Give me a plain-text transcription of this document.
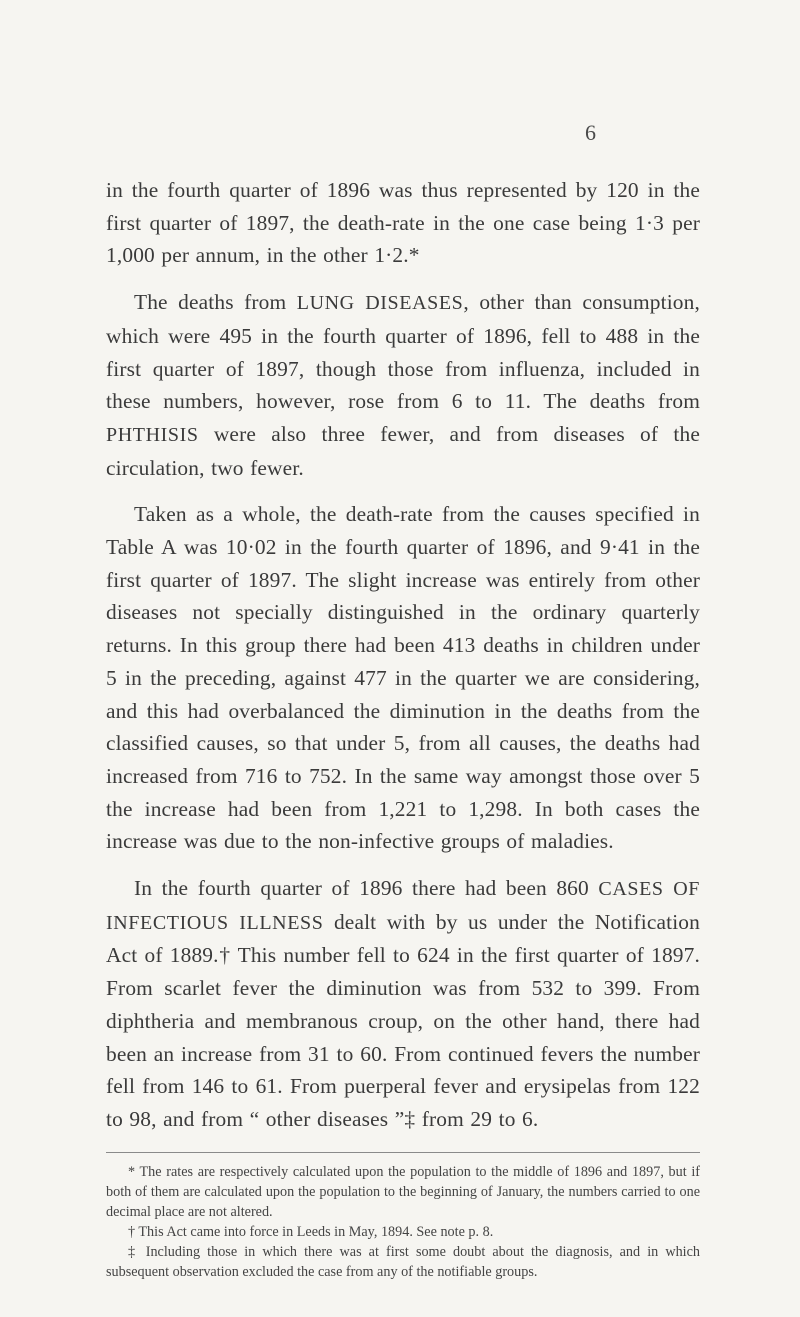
6

in the fourth quarter of 1896 was thus represented by 120 in the first quarter of 1897, the death-rate in the one case being 1·3 per 1,000 per annum, in the other 1·2.*

The deaths from LUNG DISEASES, other than consumption, which were 495 in the fourth quarter of 1896, fell to 488 in the first quarter of 1897, though those from influenza, included in these numbers, however, rose from 6 to 11. The deaths from PHTHISIS were also three fewer, and from diseases of the circulation, two fewer.

Taken as a whole, the death-rate from the causes specified in Table A was 10·02 in the fourth quarter of 1896, and 9·41 in the first quarter of 1897. The slight increase was entirely from other diseases not specially distinguished in the ordinary quarterly returns. In this group there had been 413 deaths in children under 5 in the preceding, against 477 in the quarter we are considering, and this had overbalanced the diminution in the deaths from the classified causes, so that under 5, from all causes, the deaths had increased from 716 to 752. In the same way amongst those over 5 the increase had been from 1,221 to 1,298. In both cases the increase was due to the non-infective groups of maladies.

In the fourth quarter of 1896 there had been 860 CASES OF INFECTIOUS ILLNESS dealt with by us under the Notification Act of 1889.† This number fell to 624 in the first quarter of 1897. From scarlet fever the diminution was from 532 to 399. From diphtheria and membranous croup, on the other hand, there had been an increase from 31 to 60. From continued fevers the number fell from 146 to 61. From puerperal fever and erysipelas from 122 to 98, and from “ other diseases ”‡ from 29 to 6.

* The rates are respectively calculated upon the population to the middle of 1896 and 1897, but if both of them are calculated upon the population to the beginning of January, the numbers carried to one decimal place are not altered.

† This Act came into force in Leeds in May, 1894. See note p. 8.

‡ Including those in which there was at first some doubt about the diagnosis, and in which subsequent observation excluded the case from any of the notifiable groups.
